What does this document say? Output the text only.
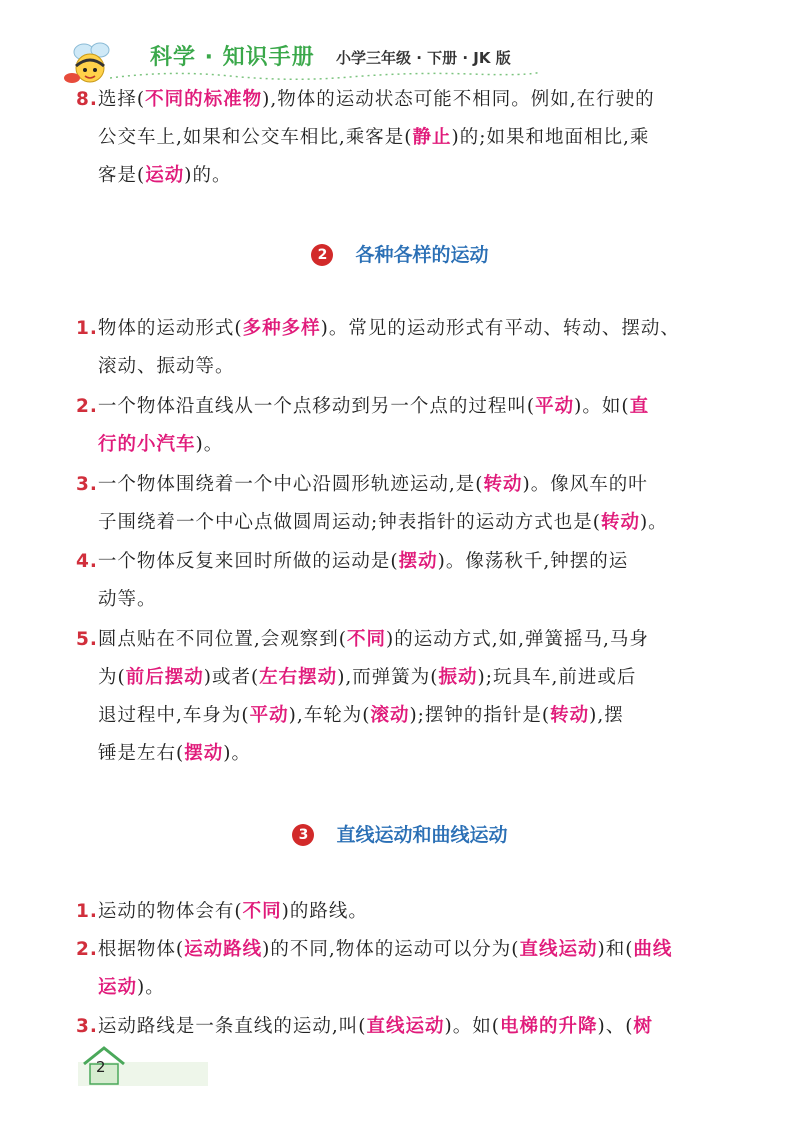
科学 · 知识手册 小学三年级 · 下册 · JK 版
8.选择(不同的标准物),物体的运动状态可能不相同。例如,在行驶的
公交车上,如果和公交车相比,乘客是(静止)的;如果和地面相比,乘
客是(运动)的。
2 各种各样的运动
1.物体的运动形式(多种多样)。常见的运动形式有平动、转动、摆动、
滚动、振动等。
2.一个物体沿直线从一个点移动到另一个点的过程叫(平动)。如(直
行的小汽车)。
3.一个物体围绕着一个中心沿圆形轨迹运动,是(转动)。像风车的叶
子围绕着一个中心点做圆周运动;钟表指针的运动方式也是(转动)。
4.一个物体反复来回时所做的运动是(摆动)。像荡秋千,钟摆的运
动等。
5.圆点贴在不同位置,会观察到(不同)的运动方式,如,弹簧摇马,马身
为(前后摆动)或者(左右摆动),而弹簧为(振动);玩具车,前进或后
退过程中,车身为(平动),车轮为(滚动);摆钟的指针是(转动),摆
锤是左右(摆动)。
3 直线运动和曲线运动
1.运动的物体会有(不同)的路线。
2.根据物体(运动路线)的不同,物体的运动可以分为(直线运动)和(曲线
运动)。
3.运动路线是一条直线的运动,叫(直线运动)。如(电梯的升降)、(树
2
